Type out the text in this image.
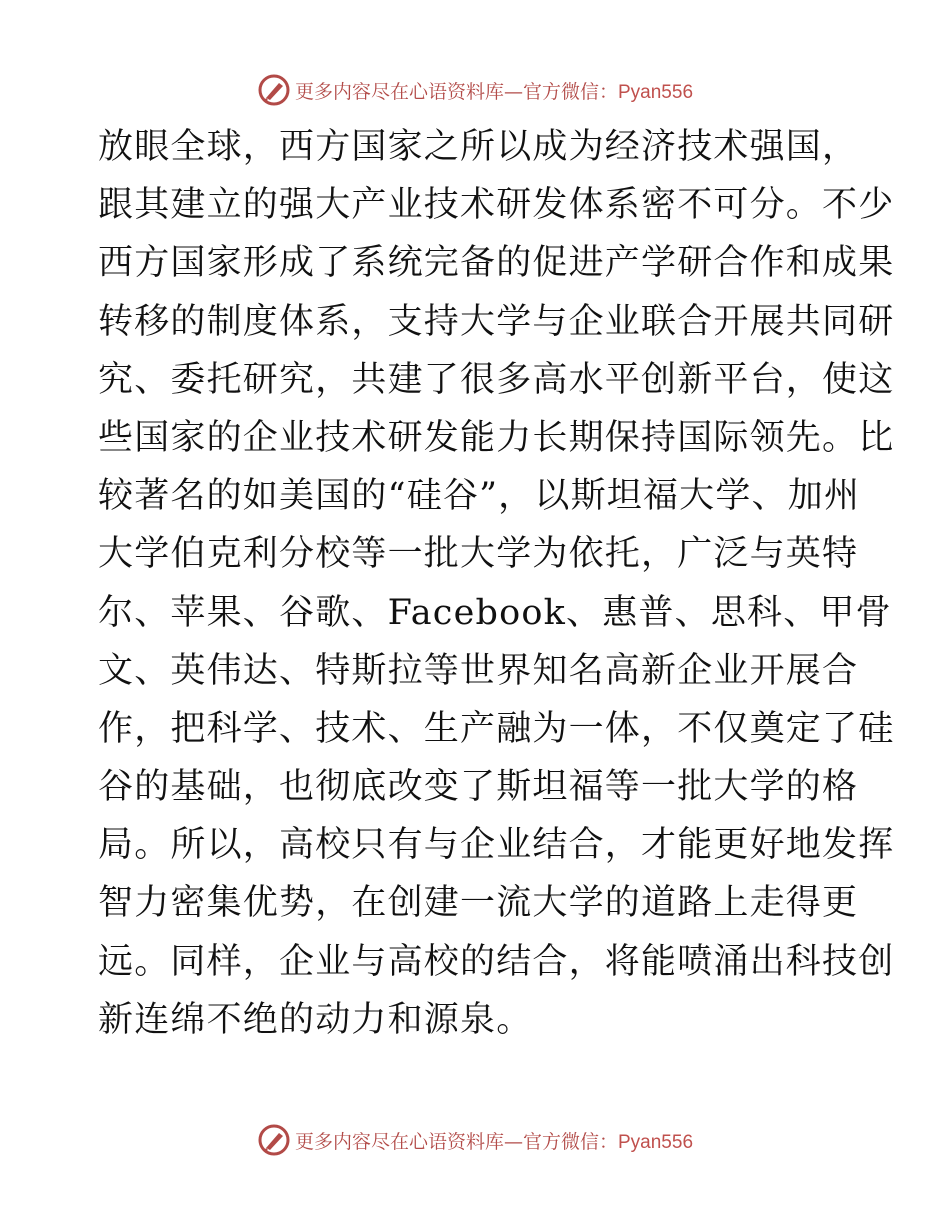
更多内容尽在心语资料库—官方微信：Pyan556
放眼全球，西方国家之所以成为经济技术强国，
跟其建立的强大产业技术研发体系密不可分。不少
西方国家形成了系统完备的促进产学研合作和成果
转移的制度体系，支持大学与企业联合开展共同研
究、委托研究，共建了很多高水平创新平台，使这
些国家的企业技术研发能力长期保持国际领先。比
较著名的如美国的“硅谷”，以斯坦福大学、加州
大学伯克利分校等一批大学为依托，广泛与英特
尔、苹果、谷歌、Facebook、惠普、思科、甲骨
文、英伟达、特斯拉等世界知名高新企业开展合
作，把科学、技术、生产融为一体，不仅奠定了硅
谷的基础，也彻底改变了斯坦福等一批大学的格
局。所以，高校只有与企业结合，才能更好地发挥
智力密集优势，在创建一流大学的道路上走得更
远。同样，企业与高校的结合，将能喷涌出科技创
新连绵不绝的动力和源泉。
更多内容尽在心语资料库—官方微信：Pyan556
